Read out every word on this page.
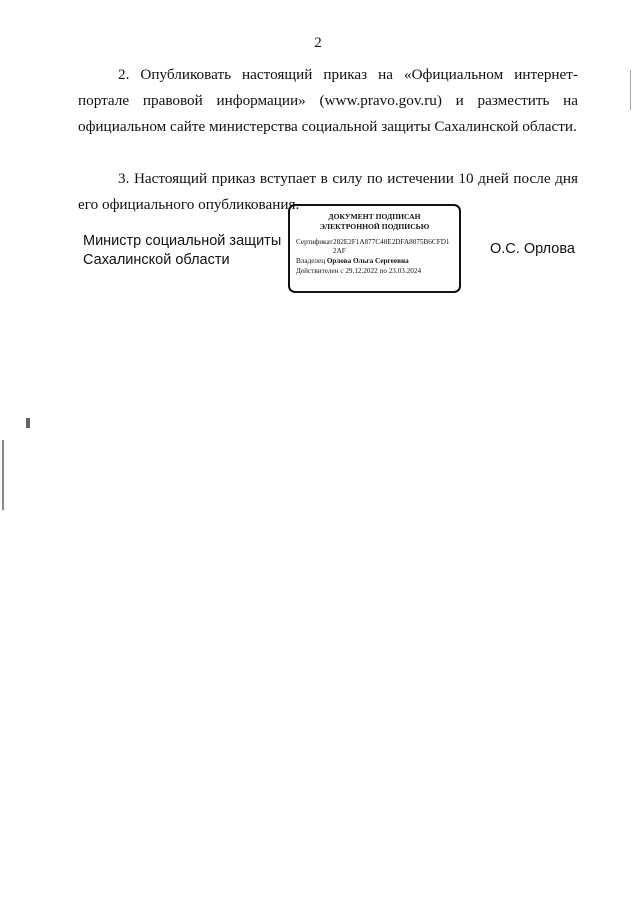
2

2. Опубликовать настоящий приказ на «Официальном интернет-портале правовой информации» (www.pravo.gov.ru) и разместить на официальном сайте министерства социальной защиты Сахалинской области.

3. Настоящий приказ вступает в силу по истечении 10 дней после дня его официального опубликования.

Министр социальной защиты
Сахалинской области
ДОКУМЕНТ ПОДПИСАН
ЭЛЕКТРОННОЙ ПОДПИСЬЮ
Сертификат 282E2F1A877C48E2DFA8075B6CFD12AF
Владелец Орлова Ольга Сергеевна
Действителен с 29.12.2022 по 23.03.2024
О.С. Орлова
